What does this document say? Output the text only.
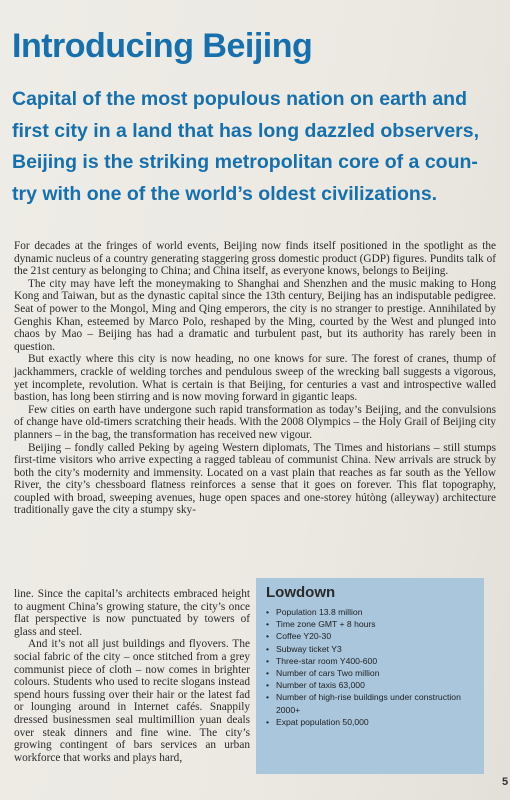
Introducing Beijing
Capital of the most populous nation on earth and
first city in a land that has long dazzled observers,
Beijing is the striking metropolitan core of a coun-
try with one of the world’s oldest civilizations.

For decades at the fringes of world events, Beijing now finds itself positioned in the spotlight as the dynamic nucleus of a country generating staggering gross domestic product (GDP) figures. Pundits talk of the 21st century as belonging to China; and China itself, as everyone knows, belongs to Beijing.

The city may have left the moneymaking to Shanghai and Shenzhen and the music making to Hong Kong and Taiwan, but as the dynastic capital since the 13th century, Beijing has an indisputable pedigree. Seat of power to the Mongol, Ming and Qing emperors, the city is no stranger to prestige. Annihilated by Genghis Khan, esteemed by Marco Polo, reshaped by the Ming, courted by the West and plunged into chaos by Mao – Beijing has had a dramatic and turbulent past, but its authority has rarely been in question.

But exactly where this city is now heading, no one knows for sure. The forest of cranes, thump of jackhammers, crackle of welding torches and pendulous sweep of the wrecking ball suggests a vigorous, yet incomplete, revolution. What is certain is that Beijing, for centuries a vast and introspective walled bastion, has long been stirring and is now moving forward in gigantic leaps.

Few cities on earth have undergone such rapid transformation as today’s Beijing, and the convulsions of change have old-timers scratching their heads. With the 2008 Olympics – the Holy Grail of Beijing city planners – in the bag, the transformation has received new vigour.

Beijing – fondly called Peking by ageing Western diplomats, The Times and historians – still stumps first-time visitors who arrive expecting a ragged tableau of communist China. New arrivals are struck by both the city’s modernity and immensity. Located on a vast plain that reaches as far south as the Yellow River, the city’s chessboard flatness reinforces a sense that it goes on forever. This flat topography, coupled with broad, sweeping avenues, huge open spaces and one-storey hútòng (alleyway) architecture traditionally gave the city a stumpy sky-

line. Since the capital’s architects embraced height to augment China’s growing stature, the city’s once flat perspective is now punctuated by towers of glass and steel.

And it’s not all just buildings and flyovers. The social fabric of the city – once stitched from a grey communist piece of cloth – now comes in brighter colours. Students who used to recite slogans instead spend hours fussing over their hair or the latest fad or lounging around in Internet cafés. Snappily dressed businessmen seal multimillion yuan deals over steak dinners and fine wine. The city’s growing contingent of bars services an urban workforce that works and plays hard,

Lowdown
• Population 13.8 million
• Time zone GMT + 8 hours
• Coffee Y20-30
• Subway ticket Y3
• Three-star room Y400-600
• Number of cars Two million
• Number of taxis 63,000
• Number of high-rise buildings under construction 2000+
• Expat population 50,000
5
